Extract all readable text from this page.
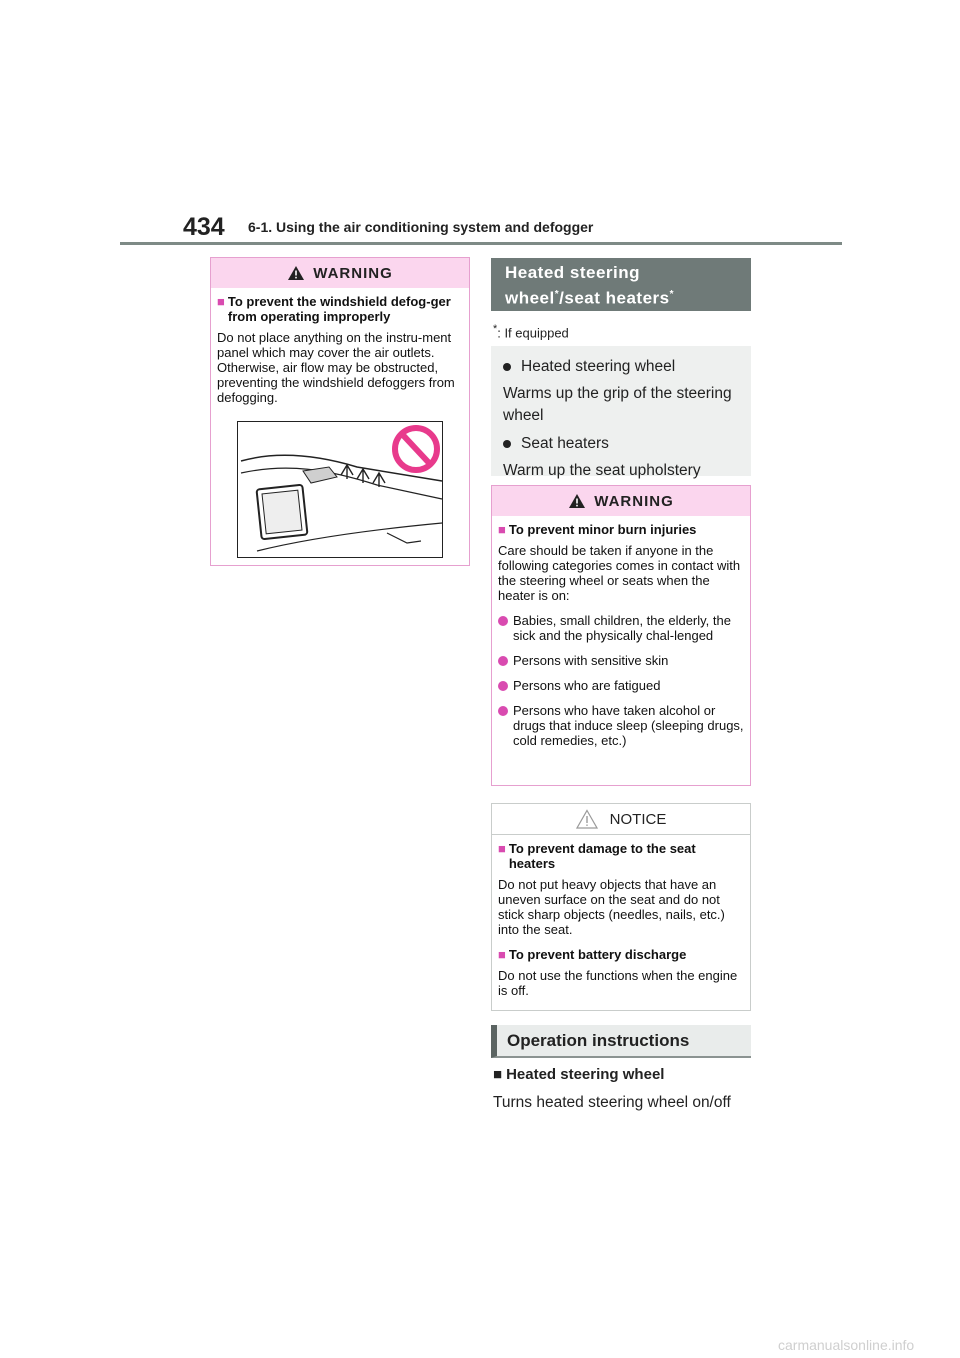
434 6-1. Using the air conditioning system and defogger
WARNING
■ To prevent the windshield defog-ger from operating improperly
Do not place anything on the instru-ment panel which may cover the air outlets. Otherwise, air flow may be obstructed, preventing the windshield defoggers from defogging.
Heated steering wheel*/seat heaters*
*: If equipped
Heated steering wheel
Warms up the grip of the steering wheel
Seat heaters
Warm up the seat upholstery
WARNING
■ To prevent minor burn injuries
Care should be taken if anyone in the following categories comes in contact with the steering wheel or seats when the heater is on:
Babies, small children, the elderly, the sick and the physically chal-lenged
Persons with sensitive skin
Persons who are fatigued
Persons who have taken alcohol or drugs that induce sleep (sleeping drugs, cold remedies, etc.)
NOTICE
■ To prevent damage to the seat heaters
Do not put heavy objects that have an uneven surface on the seat and do not stick sharp objects (needles, nails, etc.) into the seat.
■ To prevent battery discharge
Do not use the functions when the engine is off.
Operation instructions
■ Heated steering wheel
Turns heated steering wheel on/off
carmanualsonline.info
